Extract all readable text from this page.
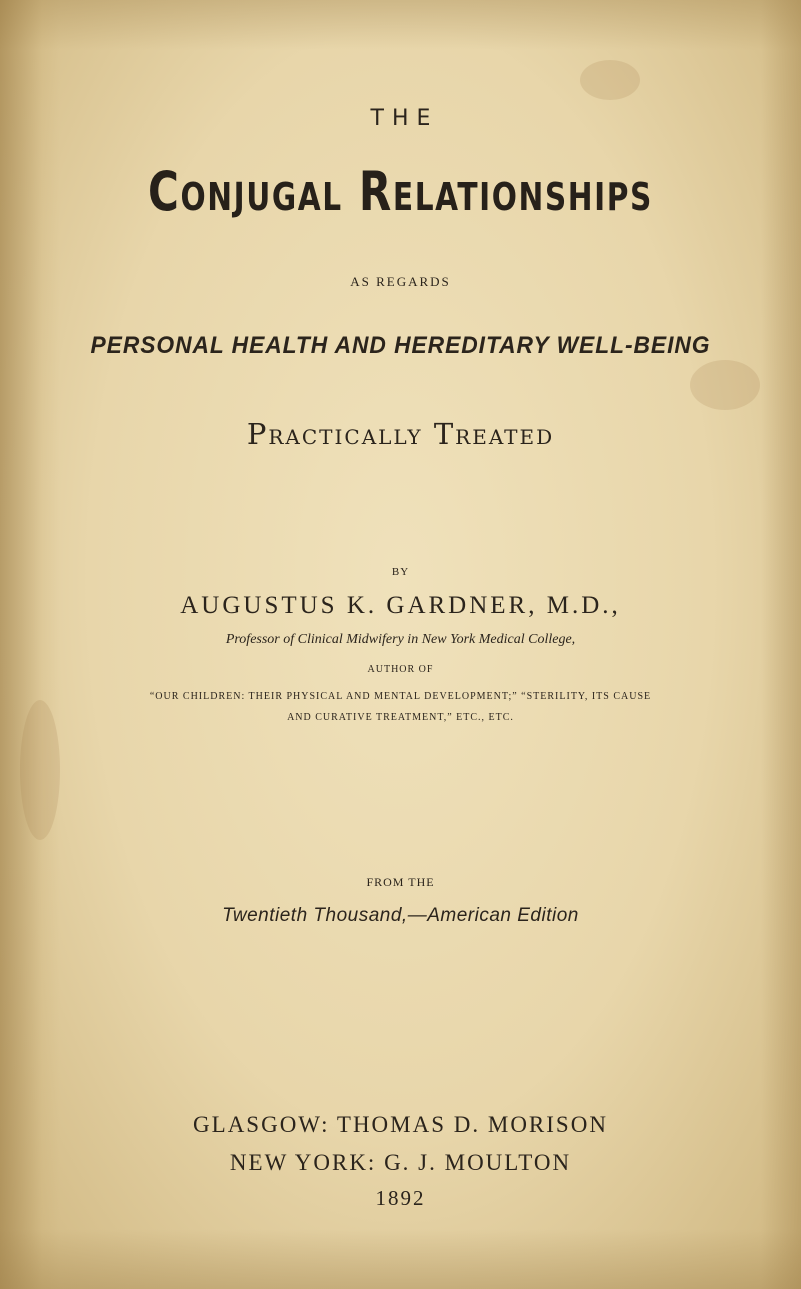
THE
Conjugal Relationships
AS REGARDS
PERSONAL HEALTH AND HEREDITARY WELL-BEING
Practically Treated
BY
AUGUSTUS K. GARDNER, M.D.,
Professor of Clinical Midwifery in New York Medical College,
AUTHOR OF
“OUR CHILDREN: THEIR PHYSICAL AND MENTAL DEVELOPMENT;” “STERILITY, ITS CAUSE
AND CURATIVE TREATMENT,” ETC., ETC.
FROM THE
Twentieth Thousand,—American Edition
GLASGOW: THOMAS D. MORISON
NEW YORK: G. J. MOULTON
1892
